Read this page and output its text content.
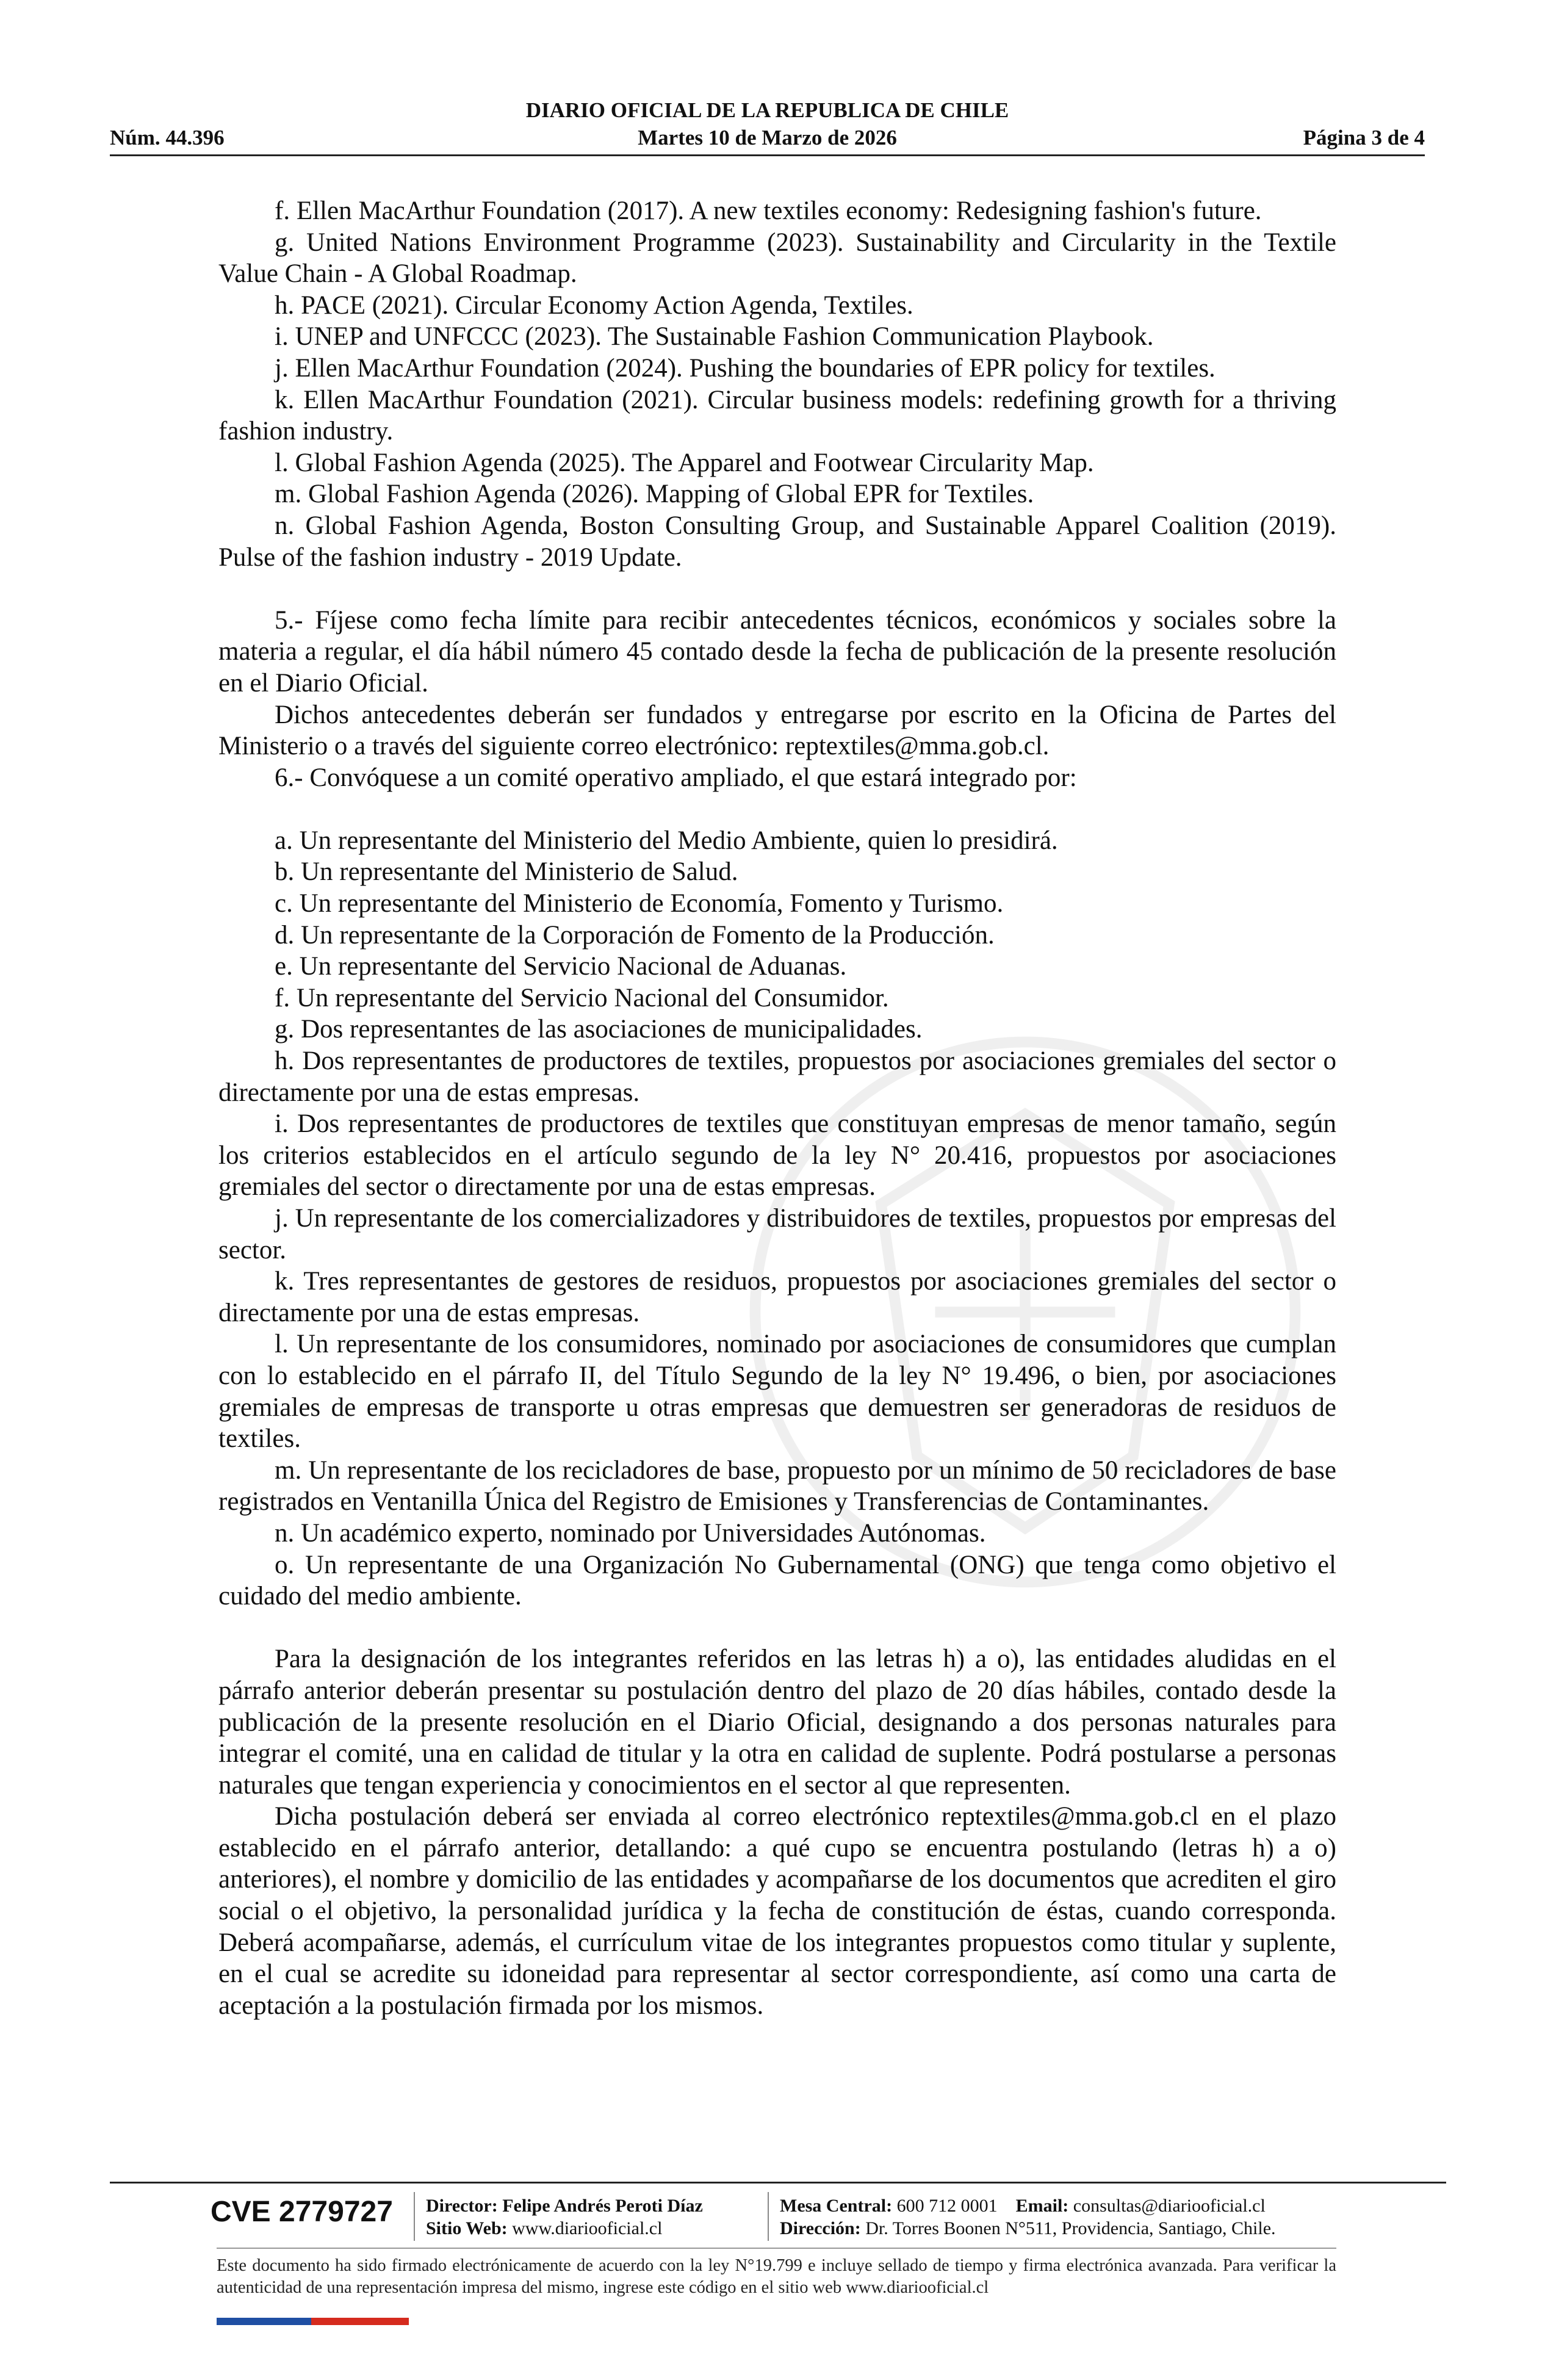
DIARIO OFICIAL DE LA REPUBLICA DE CHILE
Núm. 44.396	Martes 10 de Marzo de 2026	Página 3 de 4

f. Ellen MacArthur Foundation (2017). A new textiles economy: Redesigning fashion's future.

g. United Nations Environment Programme (2023). Sustainability and Circularity in the Textile Value Chain - A Global Roadmap.

h. PACE (2021). Circular Economy Action Agenda, Textiles.

i. UNEP and UNFCCC (2023). The Sustainable Fashion Communication Playbook.

j. Ellen MacArthur Foundation (2024). Pushing the boundaries of EPR policy for textiles.

k. Ellen MacArthur Foundation (2021). Circular business models: redefining growth for a thriving fashion industry.

l. Global Fashion Agenda (2025). The Apparel and Footwear Circularity Map.

m. Global Fashion Agenda (2026). Mapping of Global EPR for Textiles.

n. Global Fashion Agenda, Boston Consulting Group, and Sustainable Apparel Coalition (2019). Pulse of the fashion industry - 2019 Update.

5.- Fíjese como fecha límite para recibir antecedentes técnicos, económicos y sociales sobre la materia a regular, el día hábil número 45 contado desde la fecha de publicación de la presente resolución en el Diario Oficial.

Dichos antecedentes deberán ser fundados y entregarse por escrito en la Oficina de Partes del Ministerio o a través del siguiente correo electrónico: reptextiles@mma.gob.cl.

6.- Convóquese a un comité operativo ampliado, el que estará integrado por:

a. Un representante del Ministerio del Medio Ambiente, quien lo presidirá.

b. Un representante del Ministerio de Salud.

c. Un representante del Ministerio de Economía, Fomento y Turismo.

d. Un representante de la Corporación de Fomento de la Producción.

e. Un representante del Servicio Nacional de Aduanas.

f. Un representante del Servicio Nacional del Consumidor.

g. Dos representantes de las asociaciones de municipalidades.

h. Dos representantes de productores de textiles, propuestos por asociaciones gremiales del sector o directamente por una de estas empresas.

i. Dos representantes de productores de textiles que constituyan empresas de menor tamaño, según los criterios establecidos en el artículo segundo de la ley N° 20.416, propuestos por asociaciones gremiales del sector o directamente por una de estas empresas.

j. Un representante de los comercializadores y distribuidores de textiles, propuestos por empresas del sector.

k. Tres representantes de gestores de residuos, propuestos por asociaciones gremiales del sector o directamente por una de estas empresas.

l. Un representante de los consumidores, nominado por asociaciones de consumidores que cumplan con lo establecido en el párrafo II, del Título Segundo de la ley N° 19.496, o bien, por asociaciones gremiales de empresas de transporte u otras empresas que demuestren ser generadoras de residuos de textiles.

m. Un representante de los recicladores de base, propuesto por un mínimo de 50 recicladores de base registrados en Ventanilla Única del Registro de Emisiones y Transferencias de Contaminantes.

n. Un académico experto, nominado por Universidades Autónomas.

o. Un representante de una Organización No Gubernamental (ONG) que tenga como objetivo el cuidado del medio ambiente.

Para la designación de los integrantes referidos en las letras h) a o), las entidades aludidas en el párrafo anterior deberán presentar su postulación dentro del plazo de 20 días hábiles, contado desde la publicación de la presente resolución en el Diario Oficial, designando a dos personas naturales para integrar el comité, una en calidad de titular y la otra en calidad de suplente. Podrá postularse a personas naturales que tengan experiencia y conocimientos en el sector al que representen.

Dicha postulación deberá ser enviada al correo electrónico reptextiles@mma.gob.cl en el plazo establecido en el párrafo anterior, detallando: a qué cupo se encuentra postulando (letras h) a o) anteriores), el nombre y domicilio de las entidades y acompañarse de los documentos que acrediten el giro social o el objetivo, la personalidad jurídica y la fecha de constitución de éstas, cuando corresponda. Deberá acompañarse, además, el currículum vitae de los integrantes propuestos como titular y suplente, en el cual se acredite su idoneidad para representar al sector correspondiente, así como una carta de aceptación a la postulación firmada por los mismos.

CVE 2779727 Director: Felipe Andrés Peroti Díaz
Sitio Web: www.diariooficial.cl
Mesa Central: 600 712 0001 Email: consultas@diariooficial.cl
Dirección: Dr. Torres Boonen N°511, Providencia, Santiago, Chile.
Este documento ha sido firmado electrónicamente de acuerdo con la ley N°19.799 e incluye sellado de tiempo y firma electrónica avanzada. Para verificar la autenticidad de una representación impresa del mismo, ingrese este código en el sitio web www.diariooficial.cl
